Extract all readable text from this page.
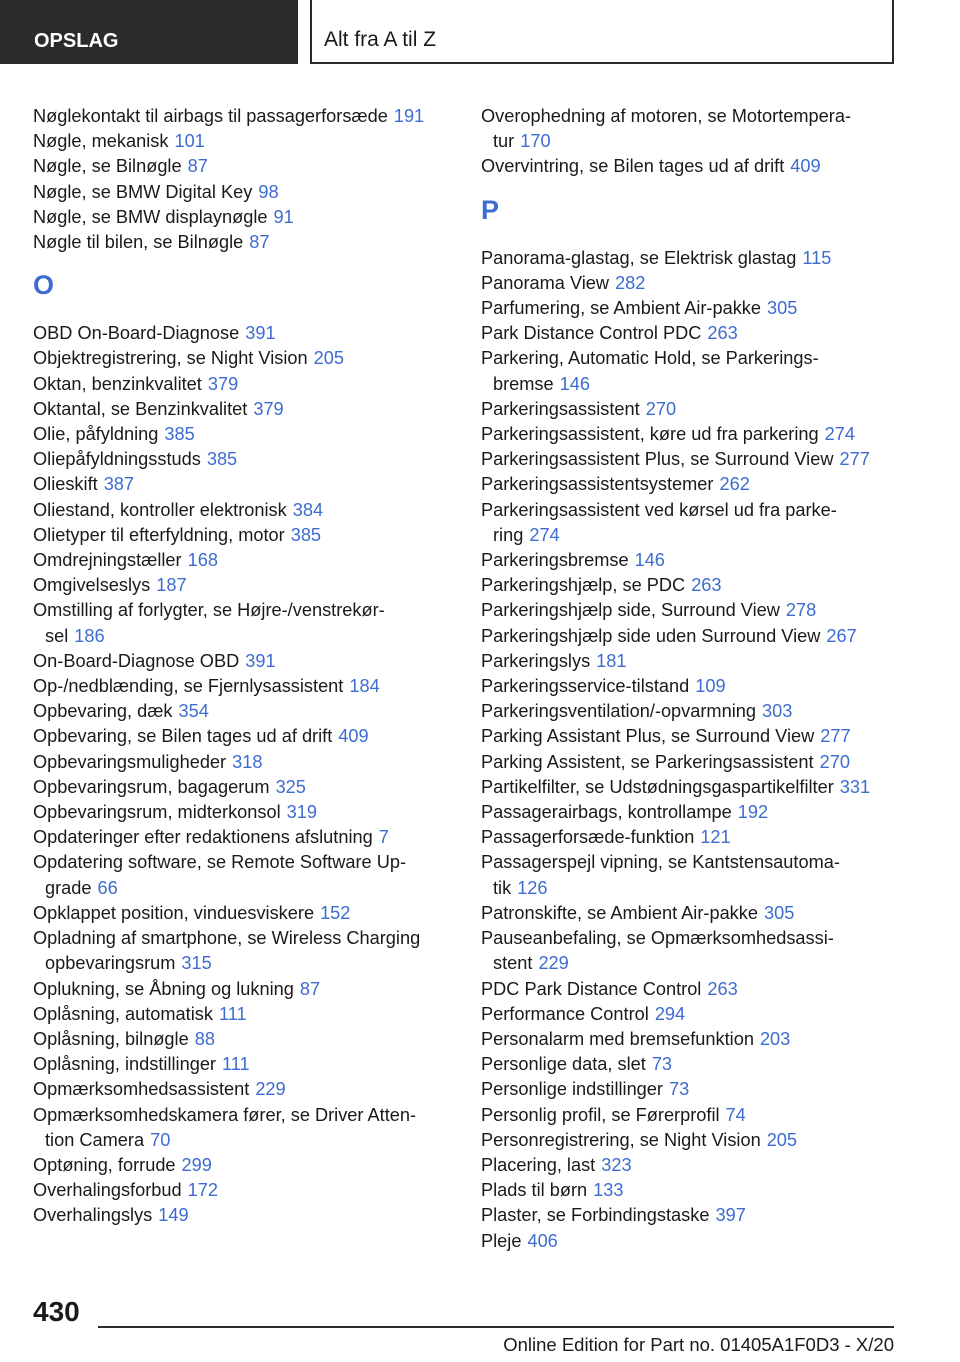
OPSLAG	Alt fra A til Z
Nøglekontakt til airbags til passagerforsæde 191
Nøgle, mekanisk 101
Nøgle, se Bilnøgle 87
Nøgle, se BMW Digital Key 98
Nøgle, se BMW displaynøgle 91
Nøgle til bilen, se Bilnøgle 87
O
OBD On-Board-Diagnose 391
Objektregistrering, se Night Vision 205
Oktan, benzinkvalitet 379
Oktantal, se Benzinkvalitet 379
Olie, påfyldning 385
Oliepåfyldningsstuds 385
Olieskift 387
Oliestand, kontroller elektronisk 384
Olietyper til efterfyldning, motor 385
Omdrejningstæller 168
Omgivelseslys 187
Omstilling af forlygter, se Højre-/venstrekør-
sel 186
On-Board-Diagnose OBD 391
Op-/nedblænding, se Fjernlysassistent 184
Opbevaring, dæk 354
Opbevaring, se Bilen tages ud af drift 409
Opbevaringsmuligheder 318
Opbevaringsrum, bagagerum 325
Opbevaringsrum, midterkonsol 319
Opdateringer efter redaktionens afslutning 7
Opdatering software, se Remote Software Up-
grade 66
Opklappet position, vinduesviskere 152
Opladning af smartphone, se Wireless Charging
opbevaringsrum 315
Oplukning, se Åbning og lukning 87
Oplåsning, automatisk 111
Oplåsning, bilnøgle 88
Oplåsning, indstillinger 111
Opmærksomhedsassistent 229
Opmærksomhedskamera fører, se Driver Atten-
tion Camera 70
Optøning, forrude 299
Overhalingsforbud 172
Overhalingslys 149
Overophedning af motoren, se Motortempera-
tur 170
Overvintring, se Bilen tages ud af drift 409
P
Panorama-glastag, se Elektrisk glastag 115
Panorama View 282
Parfumering, se Ambient Air-pakke 305
Park Distance Control PDC 263
Parkering, Automatic Hold, se Parkerings-
bremse 146
Parkeringsassistent 270
Parkeringsassistent, køre ud fra parkering 274
Parkeringsassistent Plus, se Surround View 277
Parkeringsassistentsystemer 262
Parkeringsassistent ved kørsel ud fra parke-
ring 274
Parkeringsbremse 146
Parkeringshjælp, se PDC 263
Parkeringshjælp side, Surround View 278
Parkeringshjælp side uden Surround View 267
Parkeringslys 181
Parkeringsservice-tilstand 109
Parkeringsventilation/-opvarmning 303
Parking Assistant Plus, se Surround View 277
Parking Assistent, se Parkeringsassistent 270
Partikelfilter, se Udstødningsgaspartikelfilter 331
Passagerairbags, kontrollampe 192
Passagerforsæde-funktion 121
Passagerspejl vipning, se Kantstensautoma-
tik 126
Patronskifte, se Ambient Air-pakke 305
Pauseanbefaling, se Opmærksomhedsassi-
stent 229
PDC Park Distance Control 263
Performance Control 294
Personalarm med bremsefunktion 203
Personlige data, slet 73
Personlige indstillinger 73
Personlig profil, se Førerprofil 74
Personregistrering, se Night Vision 205
Placering, last 323
Plads til børn 133
Plaster, se Forbindingstaske 397
Pleje 406
430
Online Edition for Part no. 01405A1F0D3 - X/20
